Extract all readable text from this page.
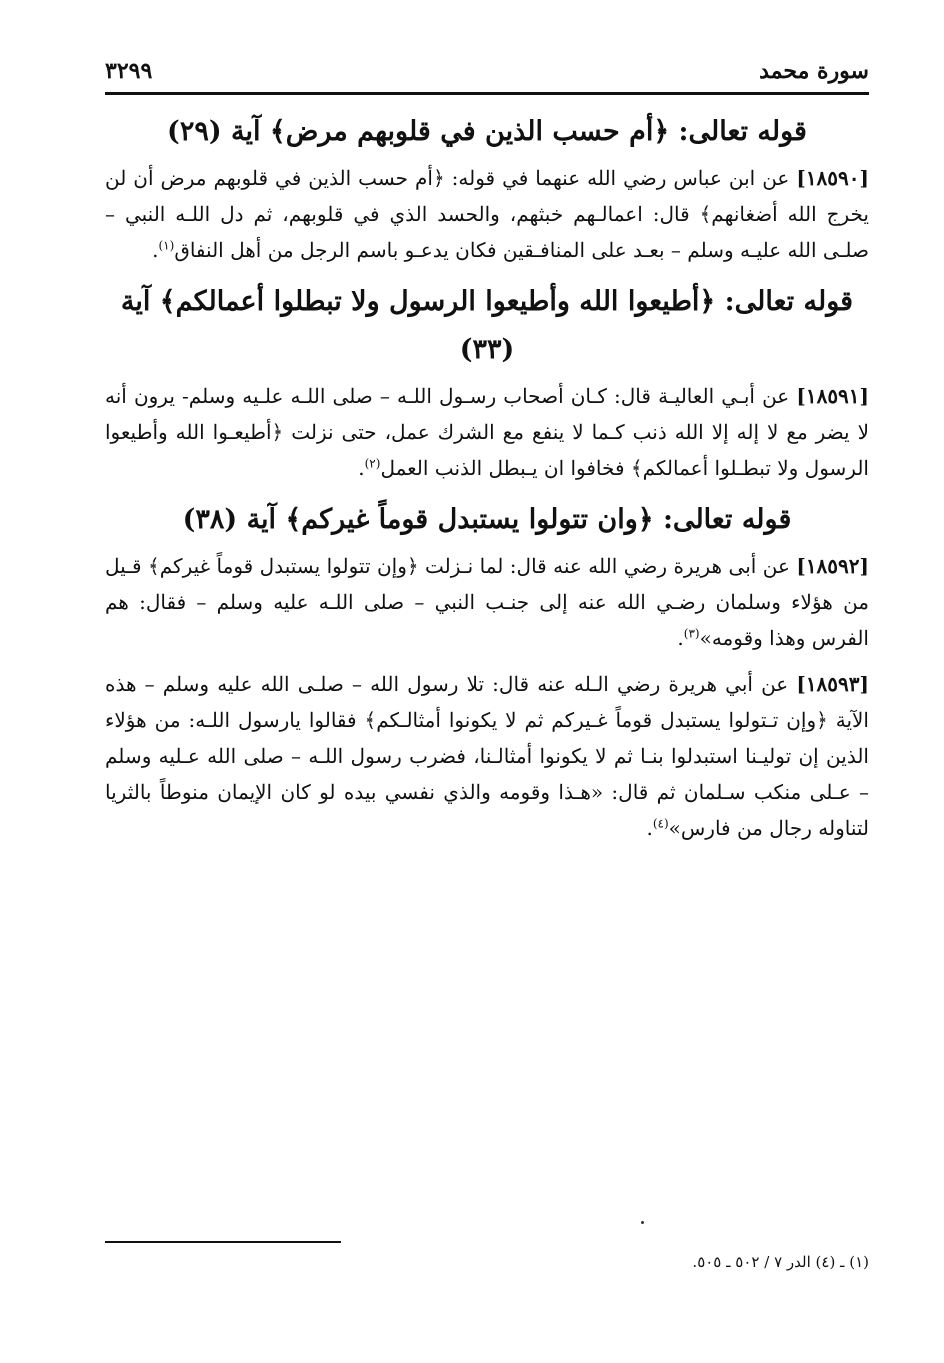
سورة محمد
٣٢٩٩
قوله تعالى: ﴿أم حسب الذين في قلوبهم مرض﴾ آية (٢٩)

[١٨٥٩٠] عن ابن عباس رضي الله عنهما في قوله: ﴿أم حسب الذين في قلوبهم مرض أن لن يخرج الله أضغانهم﴾ قال: اعمالـهم خبثهم، والحسد الذي في قلوبهم، ثم دل اللـه النبي – صلـى الله عليـه وسلم – بعـد على المنافـقين فكان يدعـو باسم الرجل من أهل النفاق$^{(١)}$.

قوله تعالى: ﴿أطيعوا الله وأطيعوا الرسول ولا تبطلوا أعمالكم﴾ آية (٣٣)

[١٨٥٩١] عن أبـي العاليـة قال: كـان أصحاب رسـول اللـه – صلى اللـه علـيه وسلم- يرون أنه لا يضر مع لا إله إلا الله ذنب كـما لا ينفع مع الشرك عمل، حتى نزلت ﴿أطيعـوا الله وأطيعوا الرسول ولا تبطـلوا أعمالكم﴾ فخافوا ان يـبطل الذنب العمل$^{(٢)}$.

قوله تعالى: ﴿وان تتولوا يستبدل قوماً غيركم﴾ آية (٣٨)

[١٨٥٩٢] عن أبى هريرة رضي الله عنه قال: لما نـزلت ﴿وإن تتولوا يستبدل قوماً غيركم﴾ قـيل من هؤلاء وسلمان رضـي الله عنه إلى جنـب النبي – صلى اللـه عليه وسلم – فقال: هم الفرس وهذا وقومه»$^{(٣)}$.

[١٨٥٩٣] عن أبي هريرة رضي الـله عنه قال: تلا رسول الله – صلـى الله عليه وسلم – هذه الآية ﴿وإن تـتولوا يستبدل قوماً غـيركم ثم لا يكونوا أمثالـكم﴾ فقالوا يارسول اللـه: من هؤلاء الذين إن توليـنا استبدلوا بنـا ثم لا يكونوا أمثالـنا، فضرب رسول اللـه – صلى الله عـليه وسلم – عـلى منكب سـلمان ثم قال: «هـذا وقومه والذي نفسي بيده لو كان الإيمان منوطاً بالثريا لتناوله رجال من فارس»$^{(٤)}$.

(١) ـ (٤) الدر ٧ / ٥٠٢ ـ ٥٠٥.
